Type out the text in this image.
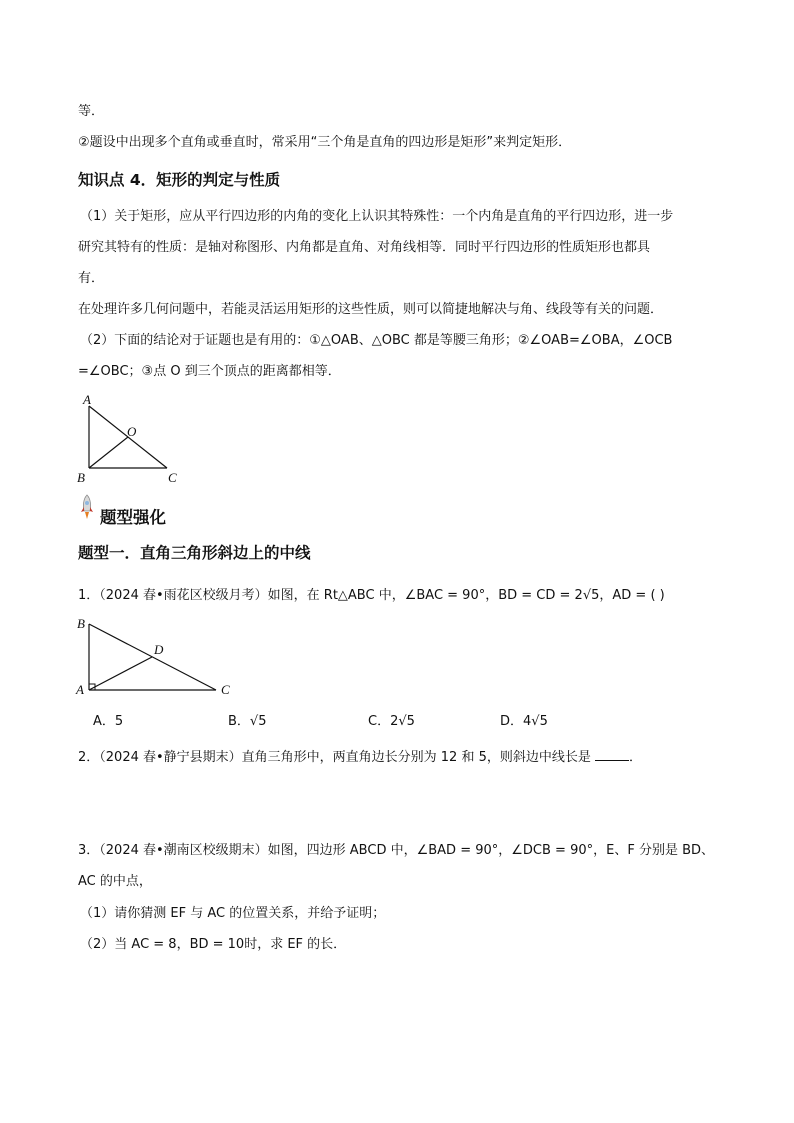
等．
②题设中出现多个直角或垂直时，常采用“三个角是直角的四边形是矩形”来判定矩形．
知识点 4．矩形的判定与性质
（1）关于矩形，应从平行四边形的内角的变化上认识其特殊性：一个内角是直角的平行四边形，进一步
研究其特有的性质：是轴对称图形、内角都是直角、对角线相等．同时平行四边形的性质矩形也都具
有．
在处理许多几何问题中，若能灵活运用矩形的这些性质，则可以简捷地解决与角、线段等有关的问题．
（2）下面的结论对于证题也是有用的：①△OAB、△OBC 都是等腰三角形；②∠OAB=∠OBA，∠OCB
=∠OBC；③点 O 到三个顶点的距离都相等．
A
O
B	C
题型强化
题型一．直角三角形斜边上的中线
1．（2024 春•雨花区校级月考）如图，在 Rt△ABC 中，∠BAC = 90°，BD = CD = 2√5，AD = ( )
B
D
A	C
A．5	B．√5	C．2√5	D．4√5
2．（2024 春•静宁县期末）直角三角形中，两直角边长分别为 12 和 5，则斜边中线长是	．
3．（2024 春•潮南区校级期末）如图，四边形 ABCD 中，∠BAD = 90°，∠DCB = 90°，E、F 分别是 BD、
AC 的中点，
（1）请你猜测 EF 与 AC 的位置关系，并给予证明；
（2）当 AC = 8，BD = 10时，求 EF 的长．
